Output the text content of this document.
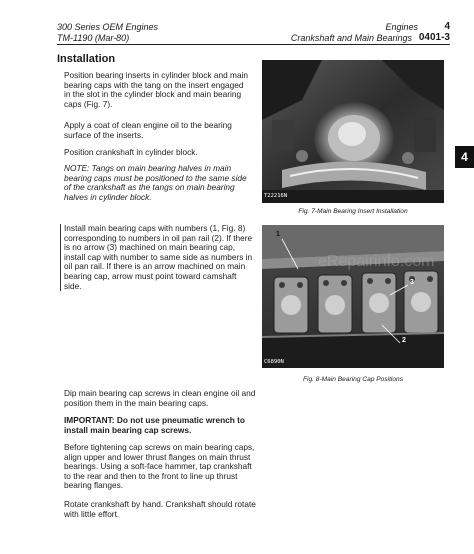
300 Series OEM Engines
TM-1190 (Mar-80)
Engines	4
Crankshaft and Main Bearings 0401-3
4
Installation
Position bearing inserts in cylinder block and main bearing caps with the tang on the insert engaged in the slot in the cylinder block and main bearing caps (Fig. 7).
Apply a coat of clean engine oil to the bearing surface of the inserts.
Position crankshaft in cylinder block.
NOTE: Tangs on main bearing halves in main bearing caps must be positioned to the same side of the crankshaft as the tangs on main bearing halves in cylinder block.
Install main bearing caps with numbers (1, Fig. 8) corresponding to numbers in oil pan rail (2). If there is no arrow (3) machined on main bearing cap, install cap with number to same side as numbers in oil pan rail. If there is an arrow machined on main bearing cap, arrow must point toward camshaft side.
Dip main bearing cap screws in clean engine oil and position them in the main bearing caps.
IMPORTANT: Do not use pneumatic wrench to install main bearing cap screws.
Before tightening cap screws on main bearing caps, align upper and lower thrust flanges on main thrust bearings. Using a soft-face hammer, tap crankshaft to the rear and then to the front to line up thrust bearing flanges.
Rotate crankshaft by hand. Crankshaft should rotate with little effort.
T22216N
Fig. 7-Main Bearing Insert Installation
1
2
3
C6890N
Fig. 8-Main Bearing Cap Positions
eRepairinfo.com
